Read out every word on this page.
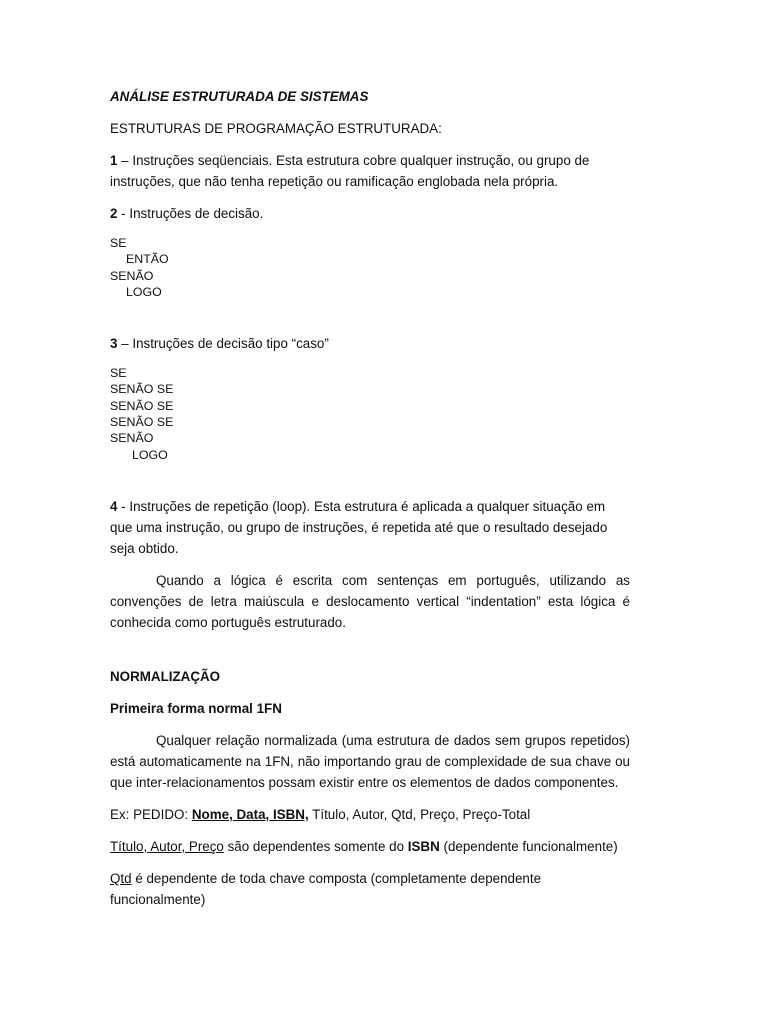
ANÁLISE ESTRUTURADA DE SISTEMAS

ESTRUTURAS DE PROGRAMAÇÃO ESTRUTURADA:

1 – Instruções seqüenciais. Esta estrutura cobre qualquer instrução, ou grupo de instruções, que não tenha repetição ou ramificação englobada nela própria.

2 - Instruções de decisão.

SE
ENTÃO
SENÃO
LOGO

3 – Instruções de decisão tipo “caso”

SE
SENÃO SE
SENÃO SE
SENÃO SE
SENÃO
LOGO

4 - Instruções de repetição (loop). Esta estrutura é aplicada a qualquer situação em que uma instrução, ou grupo de instruções, é repetida até que o resultado desejado seja obtido.

Quando a lógica é escrita com sentenças em português, utilizando as convenções de letra maiúscula e deslocamento vertical “indentation” esta lógica é conhecida como português estruturado.

NORMALIZAÇÃO

Primeira forma normal 1FN

Qualquer relação normalizada (uma estrutura de dados sem grupos repetidos) está automaticamente na 1FN, não importando grau de complexidade de sua chave ou que inter-relacionamentos possam existir entre os elementos de dados componentes.

Ex: PEDIDO: Nome, Data, ISBN, Título, Autor, Qtd, Preço, Preço-Total

Título, Autor, Preço são dependentes somente do ISBN (dependente funcionalmente)

Qtd é dependente de toda chave composta (completamente dependente funcionalmente)
